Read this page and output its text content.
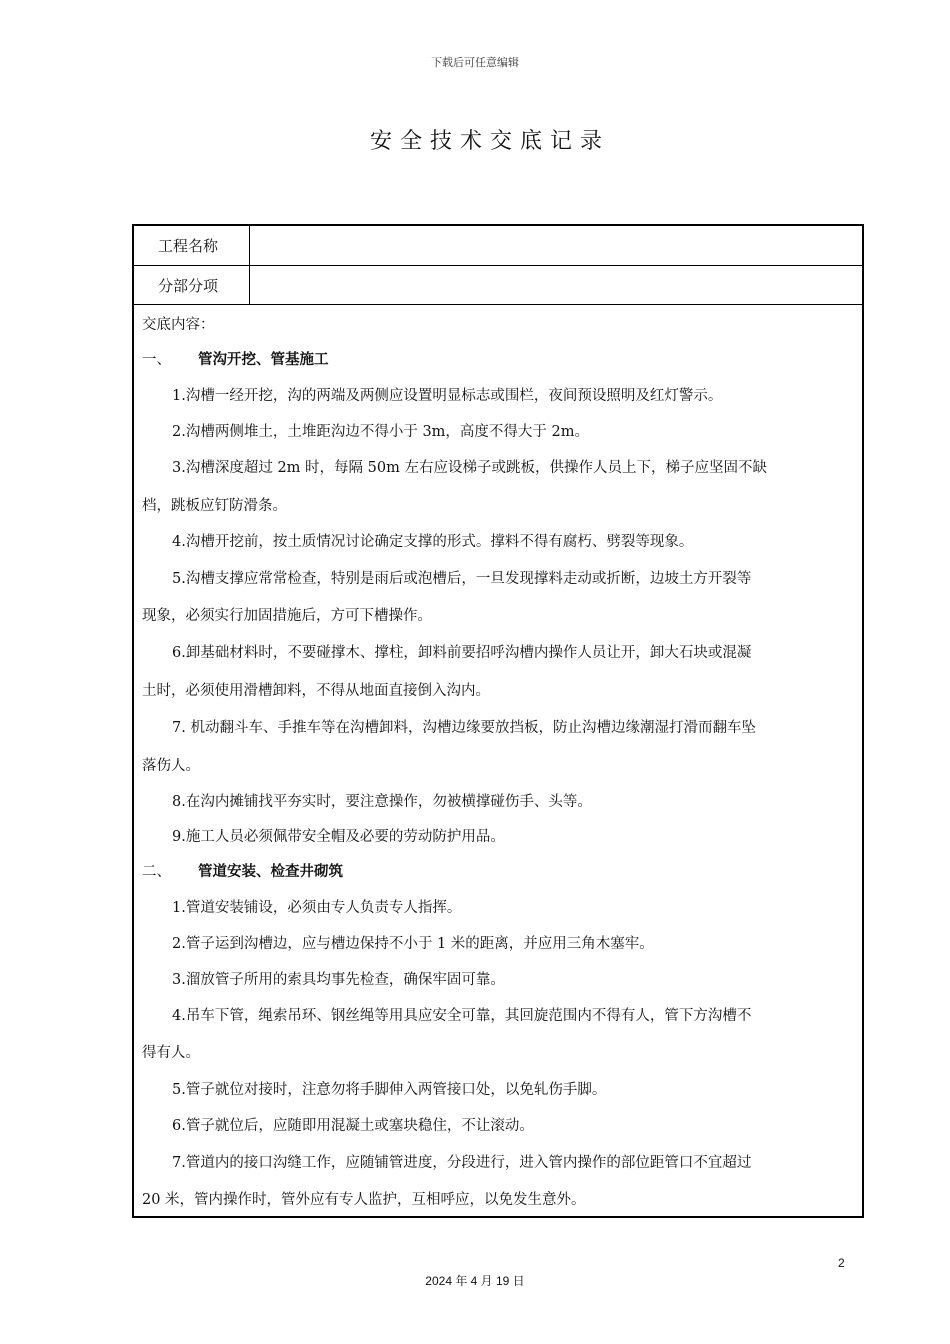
下载后可任意编辑
安全技术交底记录
工程名称
分部分项
交底内容：
一、 管沟开挖、管基施工
1.沟槽一经开挖，沟的两端及两侧应设置明显标志或围栏，夜间预设照明及红灯警示。
2.沟槽两侧堆土，土堆距沟边不得小于 3m，高度不得大于 2m。
3.沟槽深度超过 2m 时，每隔 50m 左右应设梯子或跳板，供操作人员上下，梯子应坚固不缺
档，跳板应钉防滑条。
4.沟槽开挖前，按土质情况讨论确定支撑的形式。撑料不得有腐朽、劈裂等现象。
5.沟槽支撑应常常检查，特别是雨后或泡槽后，一旦发现撑料走动或折断，边坡土方开裂等
现象，必须实行加固措施后，方可下槽操作。
6.卸基础材料时，不要碰撑木、撑柱，卸料前要招呼沟槽内操作人员让开，卸大石块或混凝
土时，必须使用滑槽卸料，不得从地面直接倒入沟内。
7. 机动翻斗车、手推车等在沟槽卸料，沟槽边缘要放挡板，防止沟槽边缘潮湿打滑而翻车坠
落伤人。
8.在沟内摊铺找平夯实时，要注意操作，勿被横撑碰伤手、头等。
9.施工人员必须佩带安全帽及必要的劳动防护用品。
二、 管道安装、检查井砌筑
1.管道安装铺设，必须由专人负责专人指挥。
2.管子运到沟槽边，应与槽边保持不小于 1 米的距离，并应用三角木塞牢。
3.溜放管子所用的索具均事先检查，确保牢固可靠。
4.吊车下管，绳索吊环、钢丝绳等用具应安全可靠，其回旋范围内不得有人，管下方沟槽不
得有人。
5.管子就位对接时，注意勿将手脚伸入两管接口处，以免轧伤手脚。
6.管子就位后，应随即用混凝土或塞块稳住，不让滚动。
7.管道内的接口沟缝工作，应随铺管进度，分段进行，进入管内操作的部位距管口不宜超过
20 米，管内操作时，管外应有专人监护，互相呼应，以免发生意外。
2
2024 年 4 月 19 日
